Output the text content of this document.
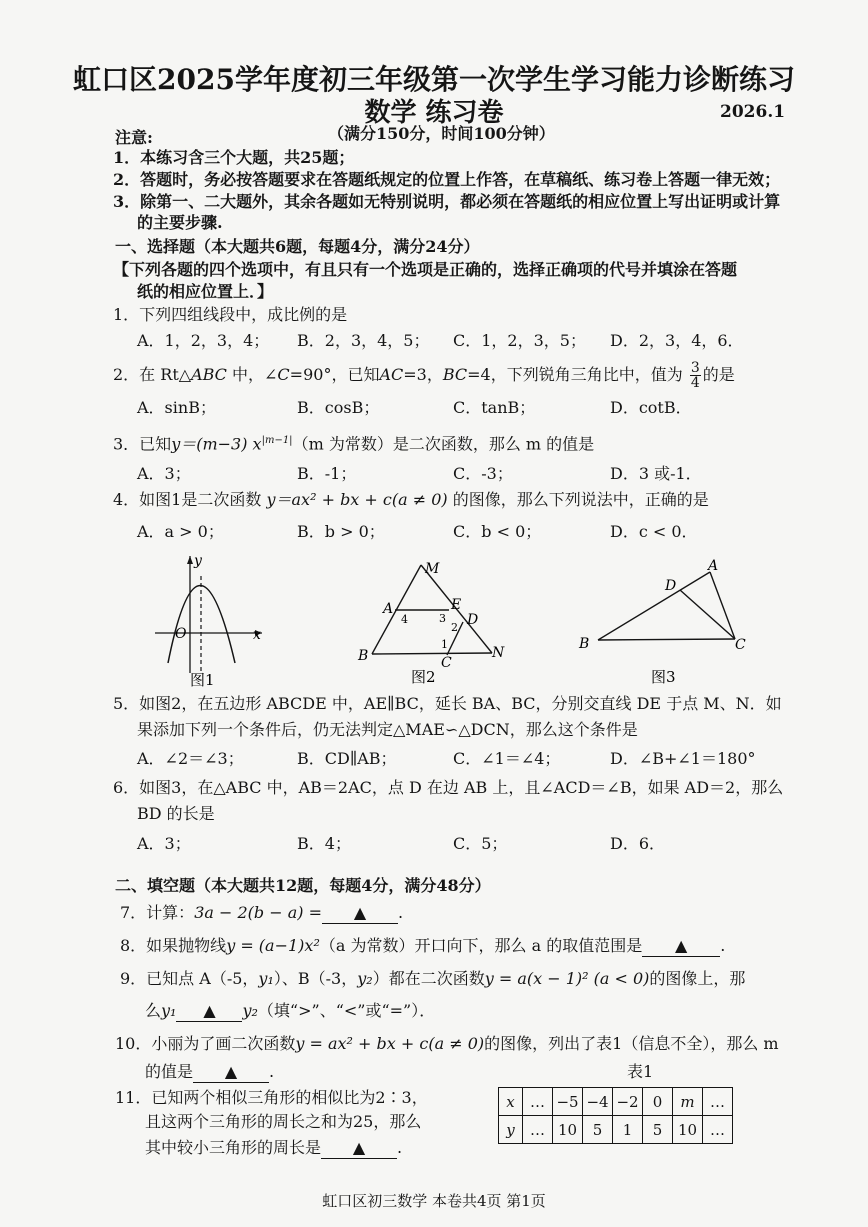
虹口区2025学年度初三年级第一次学生学习能力诊断练习
数学 练习卷	2026.1
注意:	（满分150分，时间100分钟）
1．本练习含三个大题，共25题；
2．答题时，务必按答题要求在答题纸规定的位置上作答，在草稿纸、练习卷上答题一律无效；
3．除第一、二大题外，其余各题如无特别说明，都必须在答题纸的相应位置上写出证明或计算
的主要步骤.
一、选择题（本大题共6题，每题4分，满分24分）
【下列各题的四个选项中，有且只有一个选项是正确的，选择正确项的代号并填涂在答题
纸的相应位置上．】
1．下列四组线段中，成比例的是
A．1，2，3，4； B．2，3，4，5； C．1，2，3，5； D．2，3，4，6．
2．在 Rt△ABC 中，∠C=90°，已知AC=3，BC=4，下列锐角三角比中，值为 $\frac{3}{4}$ 的是
A．sinB；	B．cosB；	C．tanB；	D．cotB．
3．已知y＝(m−3) $x^{|m-1|}(m$ 为常数）是二次函数，那么 m 的值是
A．3；	B．-1；	C．-3；	D．3 或-1．
4．如图1是二次函数 y＝ax² + bx + c(a ≠ 0) 的图像，那么下列说法中，正确的是
A．a > 0；	B．b > 0；	C．b < 0；	D．c < 0．
y
O	x
图1
M
A	E
D
B	C
N
4	3
2
1
图2
A
D
B	C
图3
5．如图2，在五边形 ABCDE 中，AE∥BC，延长 BA、BC，分别交直线 DE 于点 M、N．如
果添加下列一个条件后，仍无法判定△MAE∽△DCN，那么这个条件是
A．∠2＝∠3；	B．CD∥AB；	C．∠1＝∠4；	D．∠B+∠1＝180°
6．如图3，在△ABC 中，AB＝2AC，点 D 在边 AB 上，且∠ACD＝∠B，如果 AD＝2，那么
BD 的长是
A．3；	B．4；	C．5；	D．6．
二、填空题（本大题共12题，每题4分，满分48分）
7．计算：3a − 2(b − a) = ▲ .
8．如果抛物线y = (a−1)x²（a 为常数）开口向下，那么 a 的取值范围是 ▲ .
9．已知点 A（-5，y₁）、B（-3，y₂）都在二次函数y = a(x − 1)² (a < 0)的图像上，那
么y₁ ▲ y₂（填“>”、“<”或“=”）．
10．小丽为了画二次函数y = ax² + bx + c(a ≠ 0)的图像，列出了表1（信息不全），那么 m
的值是 ▲ .	表1
x	…	−5	−4	−2	0	m	…
y	…	10	5	1	5	10	…
11．已知两个相似三角形的相似比为2∶3，
且这两个三角形的周长之和为25，那么
其中较小三角形的周长是 ▲ .
虹口区初三数学 本卷共4页 第1页
